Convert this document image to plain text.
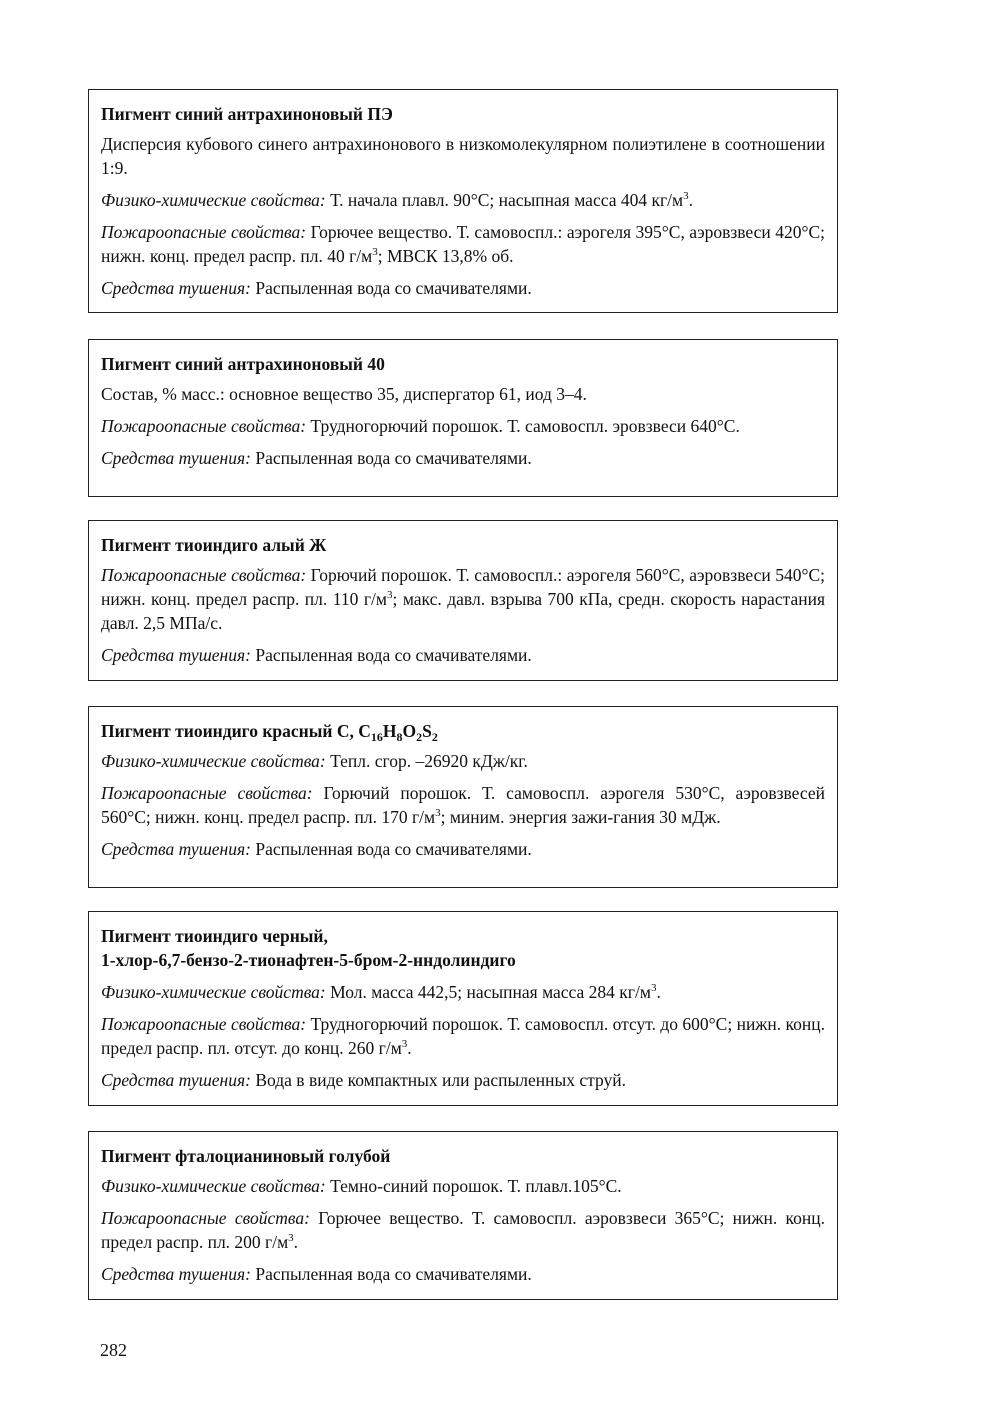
Пигмент синий антрахиноновый ПЭ
Дисперсия кубового синего антрахинонового в низкомолекулярном полиэтилене в соотношении 1:9.
Физико-химические свойства: Т. начала плавл. 90°С; насыпная масса 404 $кг/м^3$.
Пожароопасные свойства: Горючее вещество. Т. самовоспл.: аэрогеля 395°С, аэровзвеси 420°С; нижн. конц. предел распр. пл. 40 $г/м^3$; МВСК 13,8% об.
Средства тушения: Распыленная вода со смачивателями.
Пигмент синий антрахиноновый 40
Состав, % масс.: основное вещество 35, диспергатор 61, иод 3–4.
Пожароопасные свойства: Трудногорючий порошок. Т. самовоспл. эровзвеси 640°С.
Средства тушения: Распыленная вода со смачивателями.
Пигмент тиоиндиго алый Ж
Пожароопасные свойства: Горючий порошок. Т. самовоспл.: аэрогеля 560°С, аэровзвеси 540°С; нижн. конц. предел распр. пл. 110 $г/м^3$; макс. давл. взрыва 700 кПа, средн. скорость нарастания давл. 2,5 МПа/с.
Средства тушения: Распыленная вода со смачивателями.
Пигмент тиоиндиго красный С, $C_{16}H_8O_2S_2$
Физико-химические свойства: Тепл. сгор. –26920 кДж/кг.
Пожароопасные свойства: Горючий порошок. Т. самовоспл. аэрогеля 530°С, аэровзвесей 560°С; нижн. конц. предел распр. пл. 170 $г/м^3$; миним. энергия зажи-гания 30 мДж.
Средства тушения: Распыленная вода со смачивателями.
Пигмент тиоиндиго черный,
1-хлор-6,7-бензо-2-тионафтен-5-бром-2-нндолиндиго
Физико-химические свойства: Мол. масса 442,5; насыпная масса 284 $кг/м^3$.
Пожароопасные свойства: Трудногорючий порошок. Т. самовоспл. отсут. до 600°С; нижн. конц. предел распр. пл. отсут. до конц. 260 $г/м^3$.
Средства тушения: Вода в виде компактных или распыленных струй.
Пигмент фталоцианиновый голубой
Физико-химические свойства: Темно-синий порошок. Т. плавл.105°С.
Пожароопасные свойства: Горючее вещество. Т. самовоспл. аэровзвеси 365°С; нижн. конц. предел распр. пл. 200 $г/м^3$.
Средства тушения: Распыленная вода со смачивателями.
282
